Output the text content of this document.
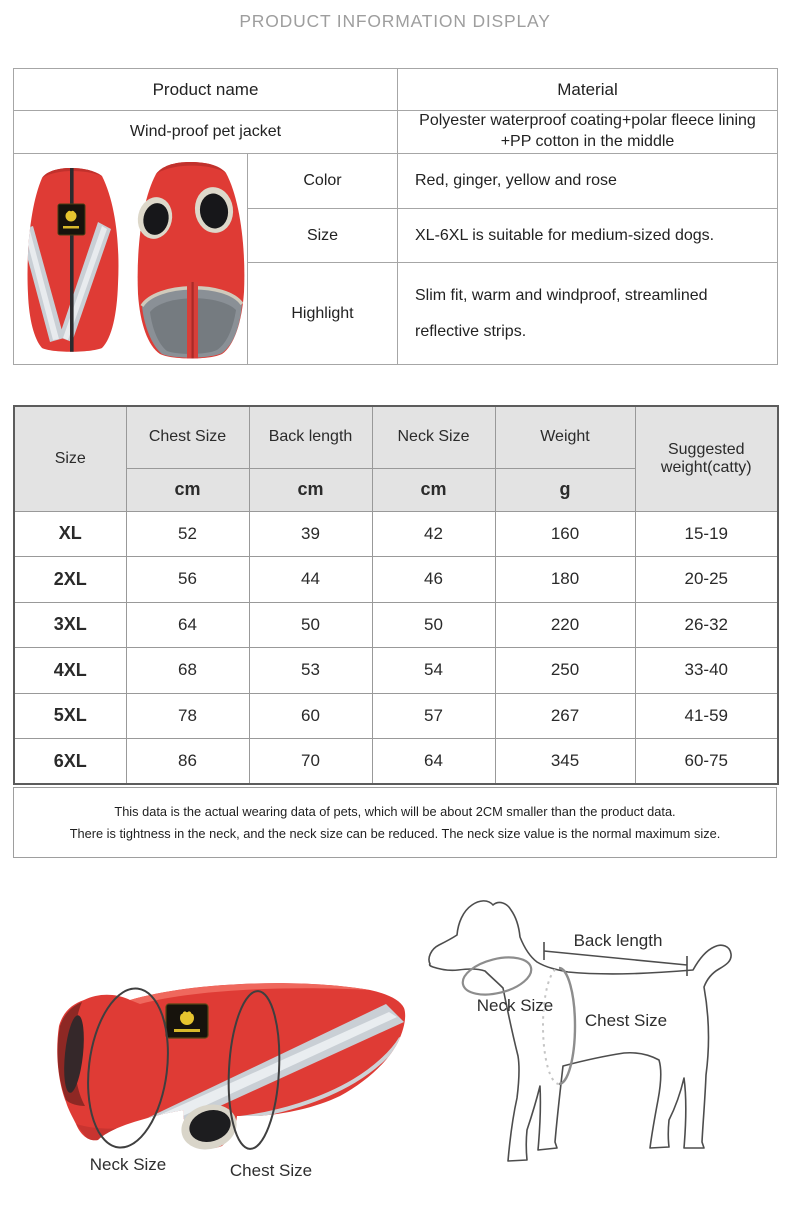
PRODUCT INFORMATION DISPLAY
Product name		Material
Wind-proof pet jacket		Polyester waterproof coating+polar fleece lining
+PP cotton in the middle

	Color	Red, ginger, yellow and rose
	Size	XL-6XL is suitable for medium-sized dogs.
	Highlight	Slim fit, warm and windproof, streamlined reflective strips.
Size	Chest Size	Back length	Neck Size	Weight	Suggested weight(catty)
	cm	cm	cm	g	
XL	52	39	42	160	15-19
2XL	56	44	46	180	20-25
3XL	64	50	50	220	26-32
4XL	68	53	54	250	33-40
5XL	78	60	57	267	41-59
6XL	86	70	64	345	60-75
This data is the actual wearing data of pets, which will be about 2CM smaller than the product data.
There is tightness in the neck, and the neck size can be reduced. The neck size value is the normal maximum size.
Neck Size	Chest Size
Back length
Neck Size
Chest Size
